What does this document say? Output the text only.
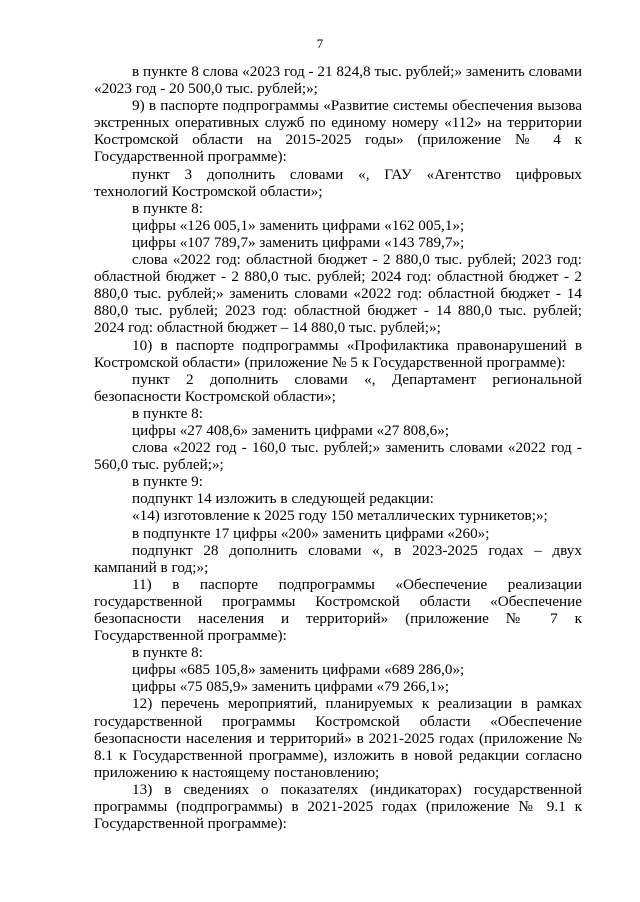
7

в пункте 8 слова «2023 год - 21 824,8 тыс. рублей;» заменить словами «2023 год - 20 500,0 тыс. рублей;»;

9) в паспорте подпрограммы «Развитие системы обеспечения вызова экстренных оперативных служб по единому номеру «112» на территории Костромской области на 2015-2025 годы» (приложение № 4 к Государственной программе):

пункт 3 дополнить словами «, ГАУ «Агентство цифровых технологий Костромской области»;

в пункте 8:

цифры «126 005,1» заменить цифрами «162 005,1»;

цифры «107 789,7» заменить цифрами «143 789,7»;

слова «2022 год: областной бюджет - 2 880,0 тыс. рублей; 2023 год: областной бюджет - 2 880,0 тыс. рублей; 2024 год: областной бюджет - 2 880,0 тыс. рублей;» заменить словами «2022 год: областной бюджет - 14 880,0 тыс. рублей; 2023 год: областной бюджет - 14 880,0 тыс. рублей; 2024 год: областной бюджет – 14 880,0 тыс. рублей;»;

10) в паспорте подпрограммы «Профилактика правонарушений в Костромской области» (приложение № 5 к Государственной программе):

пункт 2 дополнить словами «, Департамент региональной безопасности Костромской области»;

в пункте 8:

цифры «27 408,6» заменить цифрами «27 808,6»;

слова «2022 год - 160,0 тыс. рублей;» заменить словами «2022 год - 560,0 тыс. рублей;»;

в пункте 9:

подпункт 14 изложить в следующей редакции:

«14) изготовление к 2025 году 150 металлических турникетов;»;

в подпункте 17 цифры «200» заменить цифрами «260»;

подпункт 28 дополнить словами «, в 2023-2025 годах – двух кампаний в год;»;

11) в паспорте подпрограммы «Обеспечение реализации государственной программы Костромской области «Обеспечение безопасности населения и территорий» (приложение № 7 к Государственной программе):

в пункте 8:

цифры «685 105,8» заменить цифрами «689 286,0»;

цифры «75 085,9» заменить цифрами «79 266,1»;

12) перечень мероприятий, планируемых к реализации в рамках государственной программы Костромской области «Обеспечение безопасности населения и территорий» в 2021-2025 годах (приложение № 8.1 к Государственной программе), изложить в новой редакции согласно приложению к настоящему постановлению;

13) в сведениях о показателях (индикаторах) государственной программы (подпрограммы) в 2021-2025 годах (приложение № 9.1 к Государственной программе):
